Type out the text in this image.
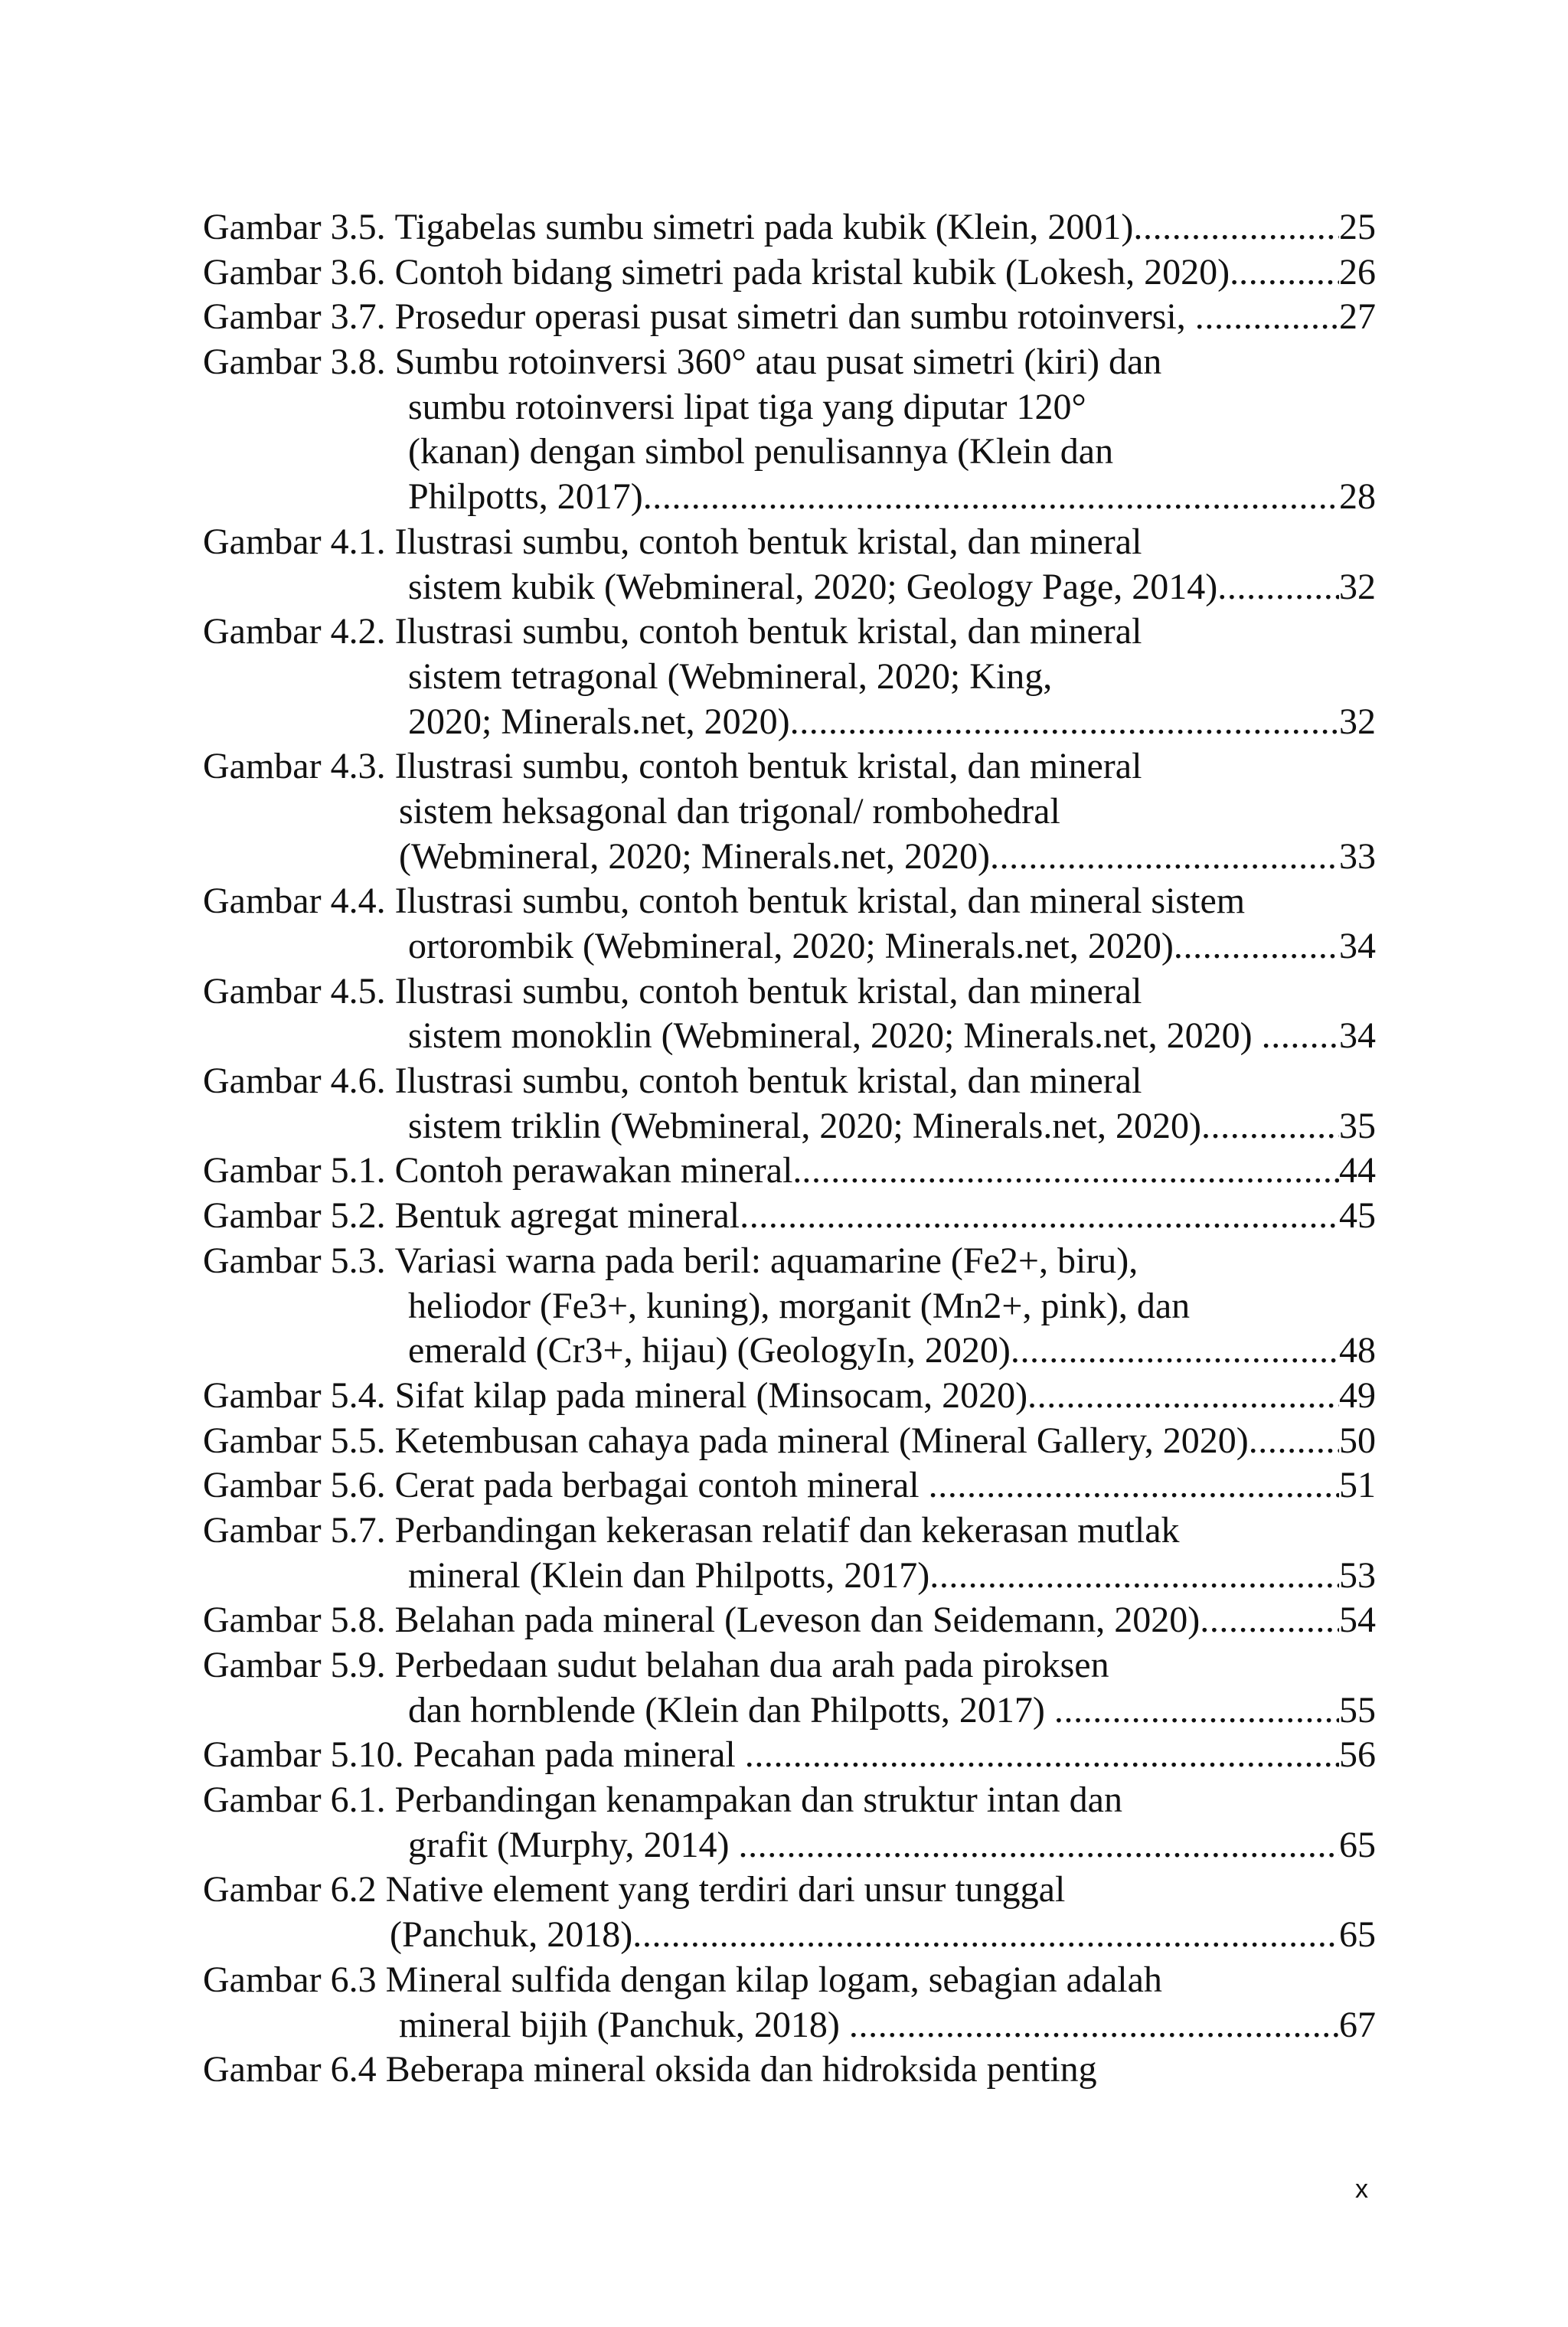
Gambar 3.5. Tigabelas sumbu simetri pada kubik (Klein, 2001) .....	25
Gambar 3.6. Contoh bidang simetri pada kristal kubik (Lokesh, 2020). .....	26
Gambar 3.7. Prosedur operasi pusat simetri dan sumbu rotoinversi, .....	27
Gambar 3.8. Sumbu rotoinversi 360° atau pusat simetri (kiri) dan
sumbu rotoinversi lipat tiga yang diputar 120°
(kanan) dengan simbol penulisannya (Klein dan
Philpotts, 2017) .....	28
Gambar 4.1. Ilustrasi sumbu, contoh bentuk kristal, dan mineral
sistem kubik (Webmineral, 2020; Geology Page, 2014) .....	32
Gambar 4.2. Ilustrasi sumbu, contoh bentuk kristal, dan mineral
sistem tetragonal (Webmineral, 2020; King,
2020; Minerals.net, 2020) .....	32
Gambar 4.3. Ilustrasi sumbu, contoh bentuk kristal, dan mineral
sistem heksagonal dan trigonal/ rombohedral
(Webmineral, 2020; Minerals.net, 2020) .....	33
Gambar 4.4. Ilustrasi sumbu, contoh bentuk kristal, dan mineral sistem
ortorombik (Webmineral, 2020; Minerals.net, 2020) .....	34
Gambar 4.5. Ilustrasi sumbu, contoh bentuk kristal, dan mineral
sistem monoklin (Webmineral, 2020; Minerals.net, 2020) ..... 34
Gambar 4.6. Ilustrasi sumbu, contoh bentuk kristal, dan mineral
sistem triklin (Webmineral, 2020; Minerals.net, 2020) .....	35
Gambar 5.1. Contoh perawakan mineral. .....	44
Gambar 5.2. Bentuk agregat mineral .....	45
Gambar 5.3. Variasi warna pada beril: aquamarine (Fe2+, biru),
heliodor (Fe3+, kuning), morganit (Mn2+, pink), dan
emerald (Cr3+, hijau) (GeologyIn, 2020) .....	48
Gambar 5.4. Sifat kilap pada mineral (Minsocam, 2020) .....	49
Gambar 5.5. Ketembusan cahaya pada mineral (Mineral Gallery, 2020) ..... 50
Gambar 5.6. Cerat pada berbagai contoh mineral .....	51
Gambar 5.7. Perbandingan kekerasan relatif dan kekerasan mutlak
mineral (Klein dan Philpotts, 2017) .....	53
Gambar 5.8. Belahan pada mineral (Leveson dan Seidemann, 2020) .....	54
Gambar 5.9. Perbedaan sudut belahan dua arah pada piroksen
dan hornblende (Klein dan Philpotts, 2017) .....	55
Gambar 5.10. Pecahan pada mineral .....	56
Gambar 6.1. Perbandingan kenampakan dan struktur intan dan
grafit (Murphy, 2014) .....	65
Gambar 6.2 Native element yang terdiri dari unsur tunggal
(Panchuk, 2018) .....	65
Gambar 6.3 Mineral sulfida dengan kilap logam, sebagian adalah
mineral bijih (Panchuk, 2018) .....	67
Gambar 6.4 Beberapa mineral oksida dan hidroksida penting
x
